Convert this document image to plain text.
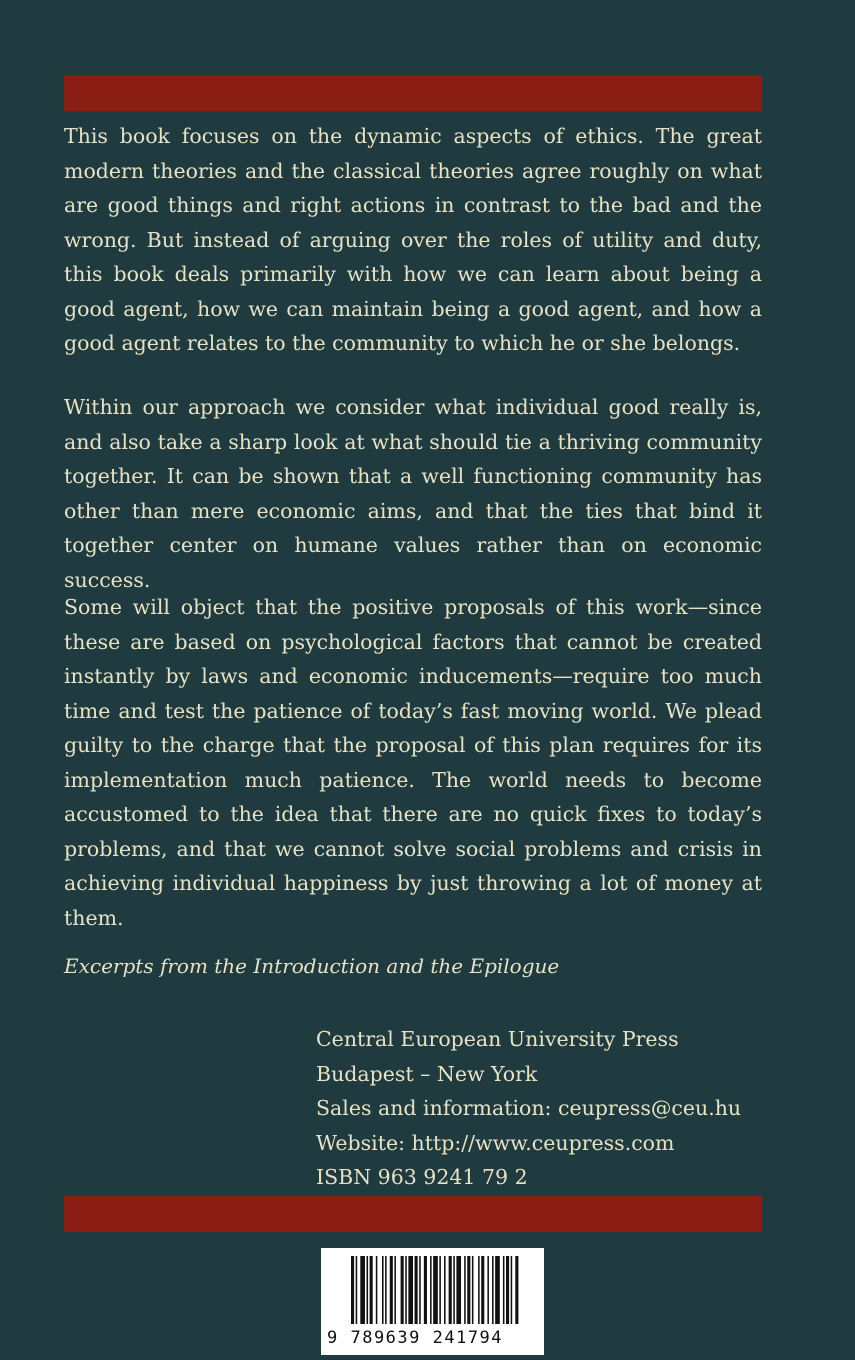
This book focuses on the dynamic aspects of ethics. The great modern theories and the classical theories agree roughly on what are good things and right actions in contrast to the bad and the wrong. But instead of arguing over the roles of utility and duty, this book deals primarily with how we can learn about being a good agent, how we can maintain being a good agent, and how a good agent relates to the community to which he or she belongs.

Within our approach we consider what individual good really is, and also take a sharp look at what should tie a thriving community together. It can be shown that a well functioning community has other than mere economic aims, and that the ties that bind it together center on humane values rather than on economic success.

Some will object that the positive proposals of this work—since these are based on psychological factors that cannot be created instantly by laws and economic inducements—require too much time and test the patience of today’s fast moving world. We plead guilty to the charge that the proposal of this plan requires for its implementation much patience. The world needs to become accustomed to the idea that there are no quick fixes to today’s problems, and that we cannot solve social problems and crisis in achieving individual happiness by just throwing a lot of money at them.

Excerpts from the Introduction and the Epilogue
Central European University Press
Budapest – New York
Sales and information: ceupress@ceu.hu
Website: http://www.ceupress.com
ISBN 963 9241 79 2
9 789639 241794
